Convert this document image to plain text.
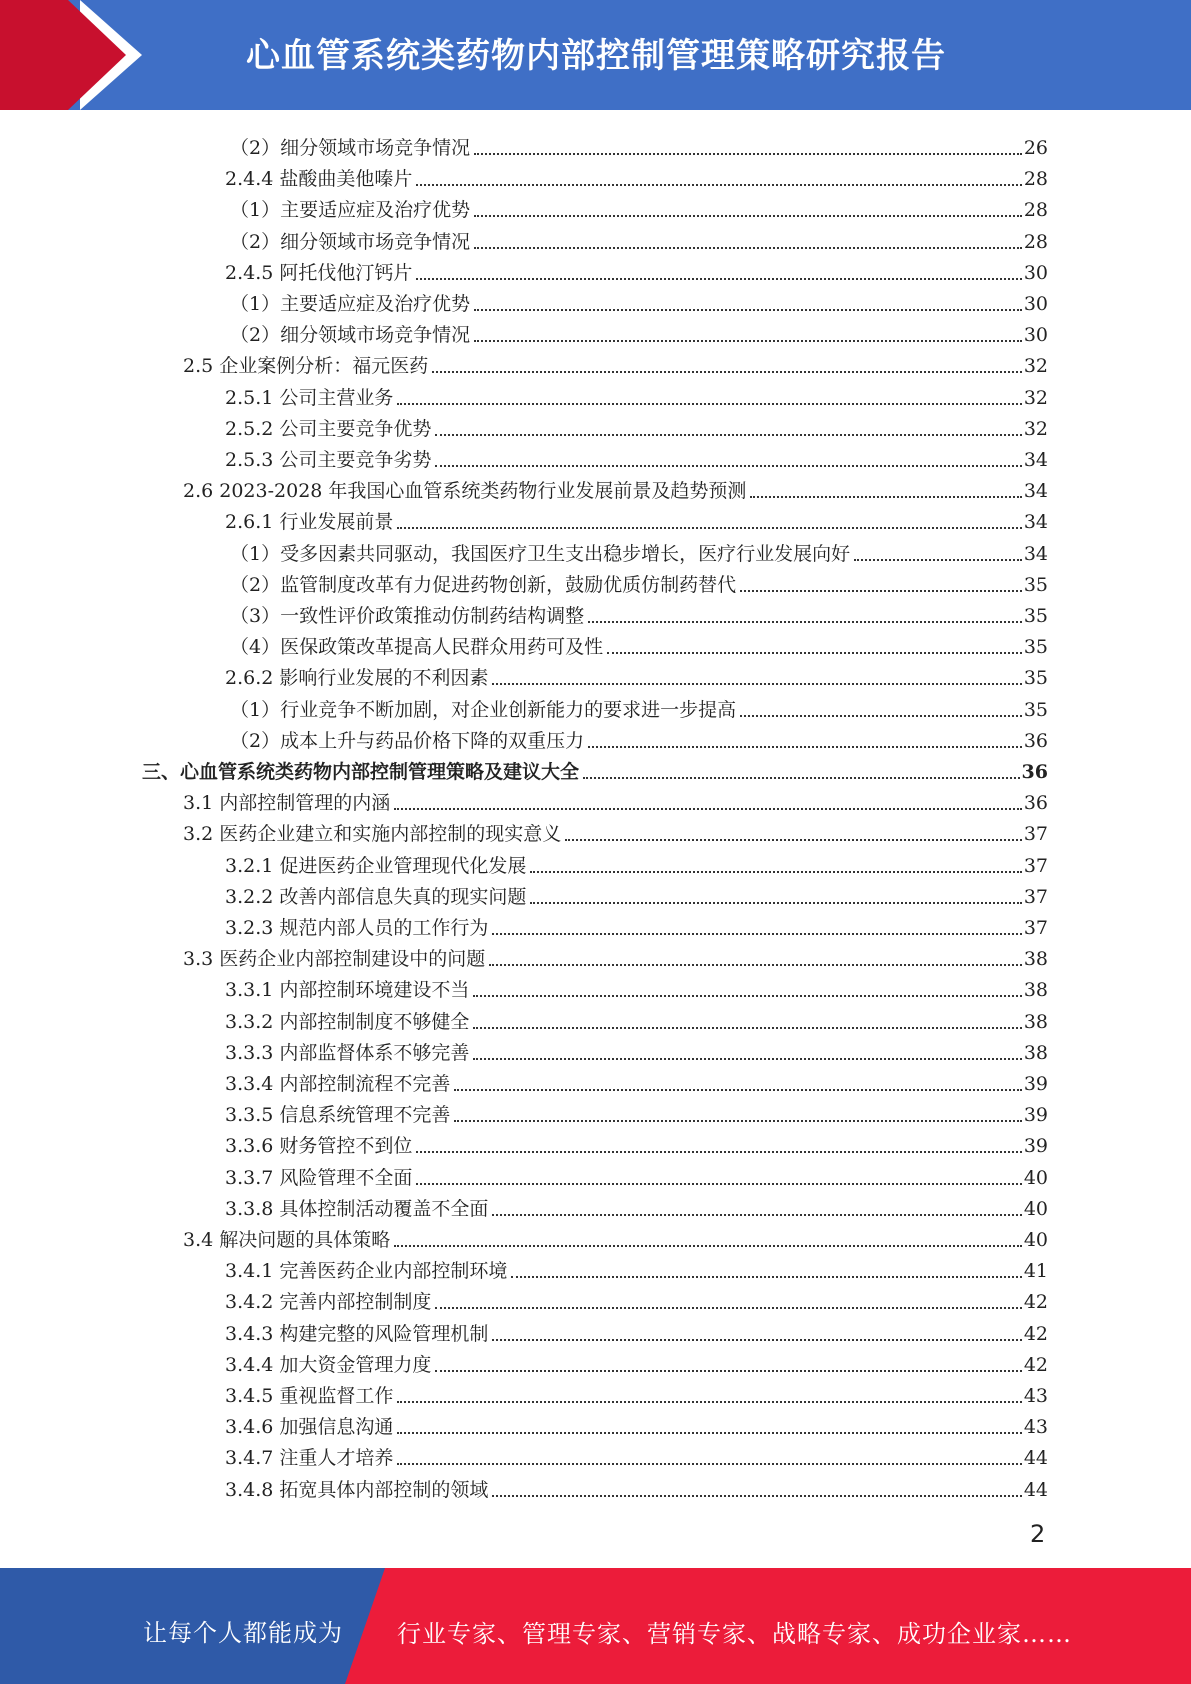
心血管系统类药物内部控制管理策略研究报告
（2）细分领域市场竞争情况	26
2.4.4 盐酸曲美他嗪片	28
（1）主要适应症及治疗优势	28
（2）细分领域市场竞争情况	28
2.4.5 阿托伐他汀钙片	30
（1）主要适应症及治疗优势	30
（2）细分领域市场竞争情况	30
2.5 企业案例分析：福元医药	32
2.5.1 公司主营业务	32
2.5.2 公司主要竞争优势	32
2.5.3 公司主要竞争劣势	34
2.6 2023-2028 年我国心血管系统类药物行业发展前景及趋势预测	34
2.6.1 行业发展前景	34
（1）受多因素共同驱动，我国医疗卫生支出稳步增长，医疗行业发展向好	34
（2）监管制度改革有力促进药物创新，鼓励优质仿制药替代	35
（3）一致性评价政策推动仿制药结构调整	35
（4）医保政策改革提高人民群众用药可及性	35
2.6.2 影响行业发展的不利因素	35
（1）行业竞争不断加剧，对企业创新能力的要求进一步提高	35
（2）成本上升与药品价格下降的双重压力	36
三、心血管系统类药物内部控制管理策略及建议大全	36
3.1 内部控制管理的内涵	36
3.2 医药企业建立和实施内部控制的现实意义	37
3.2.1 促进医药企业管理现代化发展	37
3.2.2 改善内部信息失真的现实问题	37
3.2.3 规范内部人员的工作行为	37
3.3 医药企业内部控制建设中的问题	38
3.3.1 内部控制环境建设不当	38
3.3.2 内部控制制度不够健全	38
3.3.3 内部监督体系不够完善	38
3.3.4 内部控制流程不完善	39
3.3.5 信息系统管理不完善	39
3.3.6 财务管控不到位	39
3.3.7 风险管理不全面	40
3.3.8 具体控制活动覆盖不全面	40
3.4 解决问题的具体策略	40
3.4.1 完善医药企业内部控制环境	41
3.4.2 完善内部控制制度	42
3.4.3 构建完整的风险管理机制	42
3.4.4 加大资金管理力度	42
3.4.5 重视监督工作	43
3.4.6 加强信息沟通	43
3.4.7 注重人才培养	44
3.4.8 拓宽具体内部控制的领域	44
2
让每个人都能成为 行业专家、管理专家、营销专家、战略专家、成功企业家……
